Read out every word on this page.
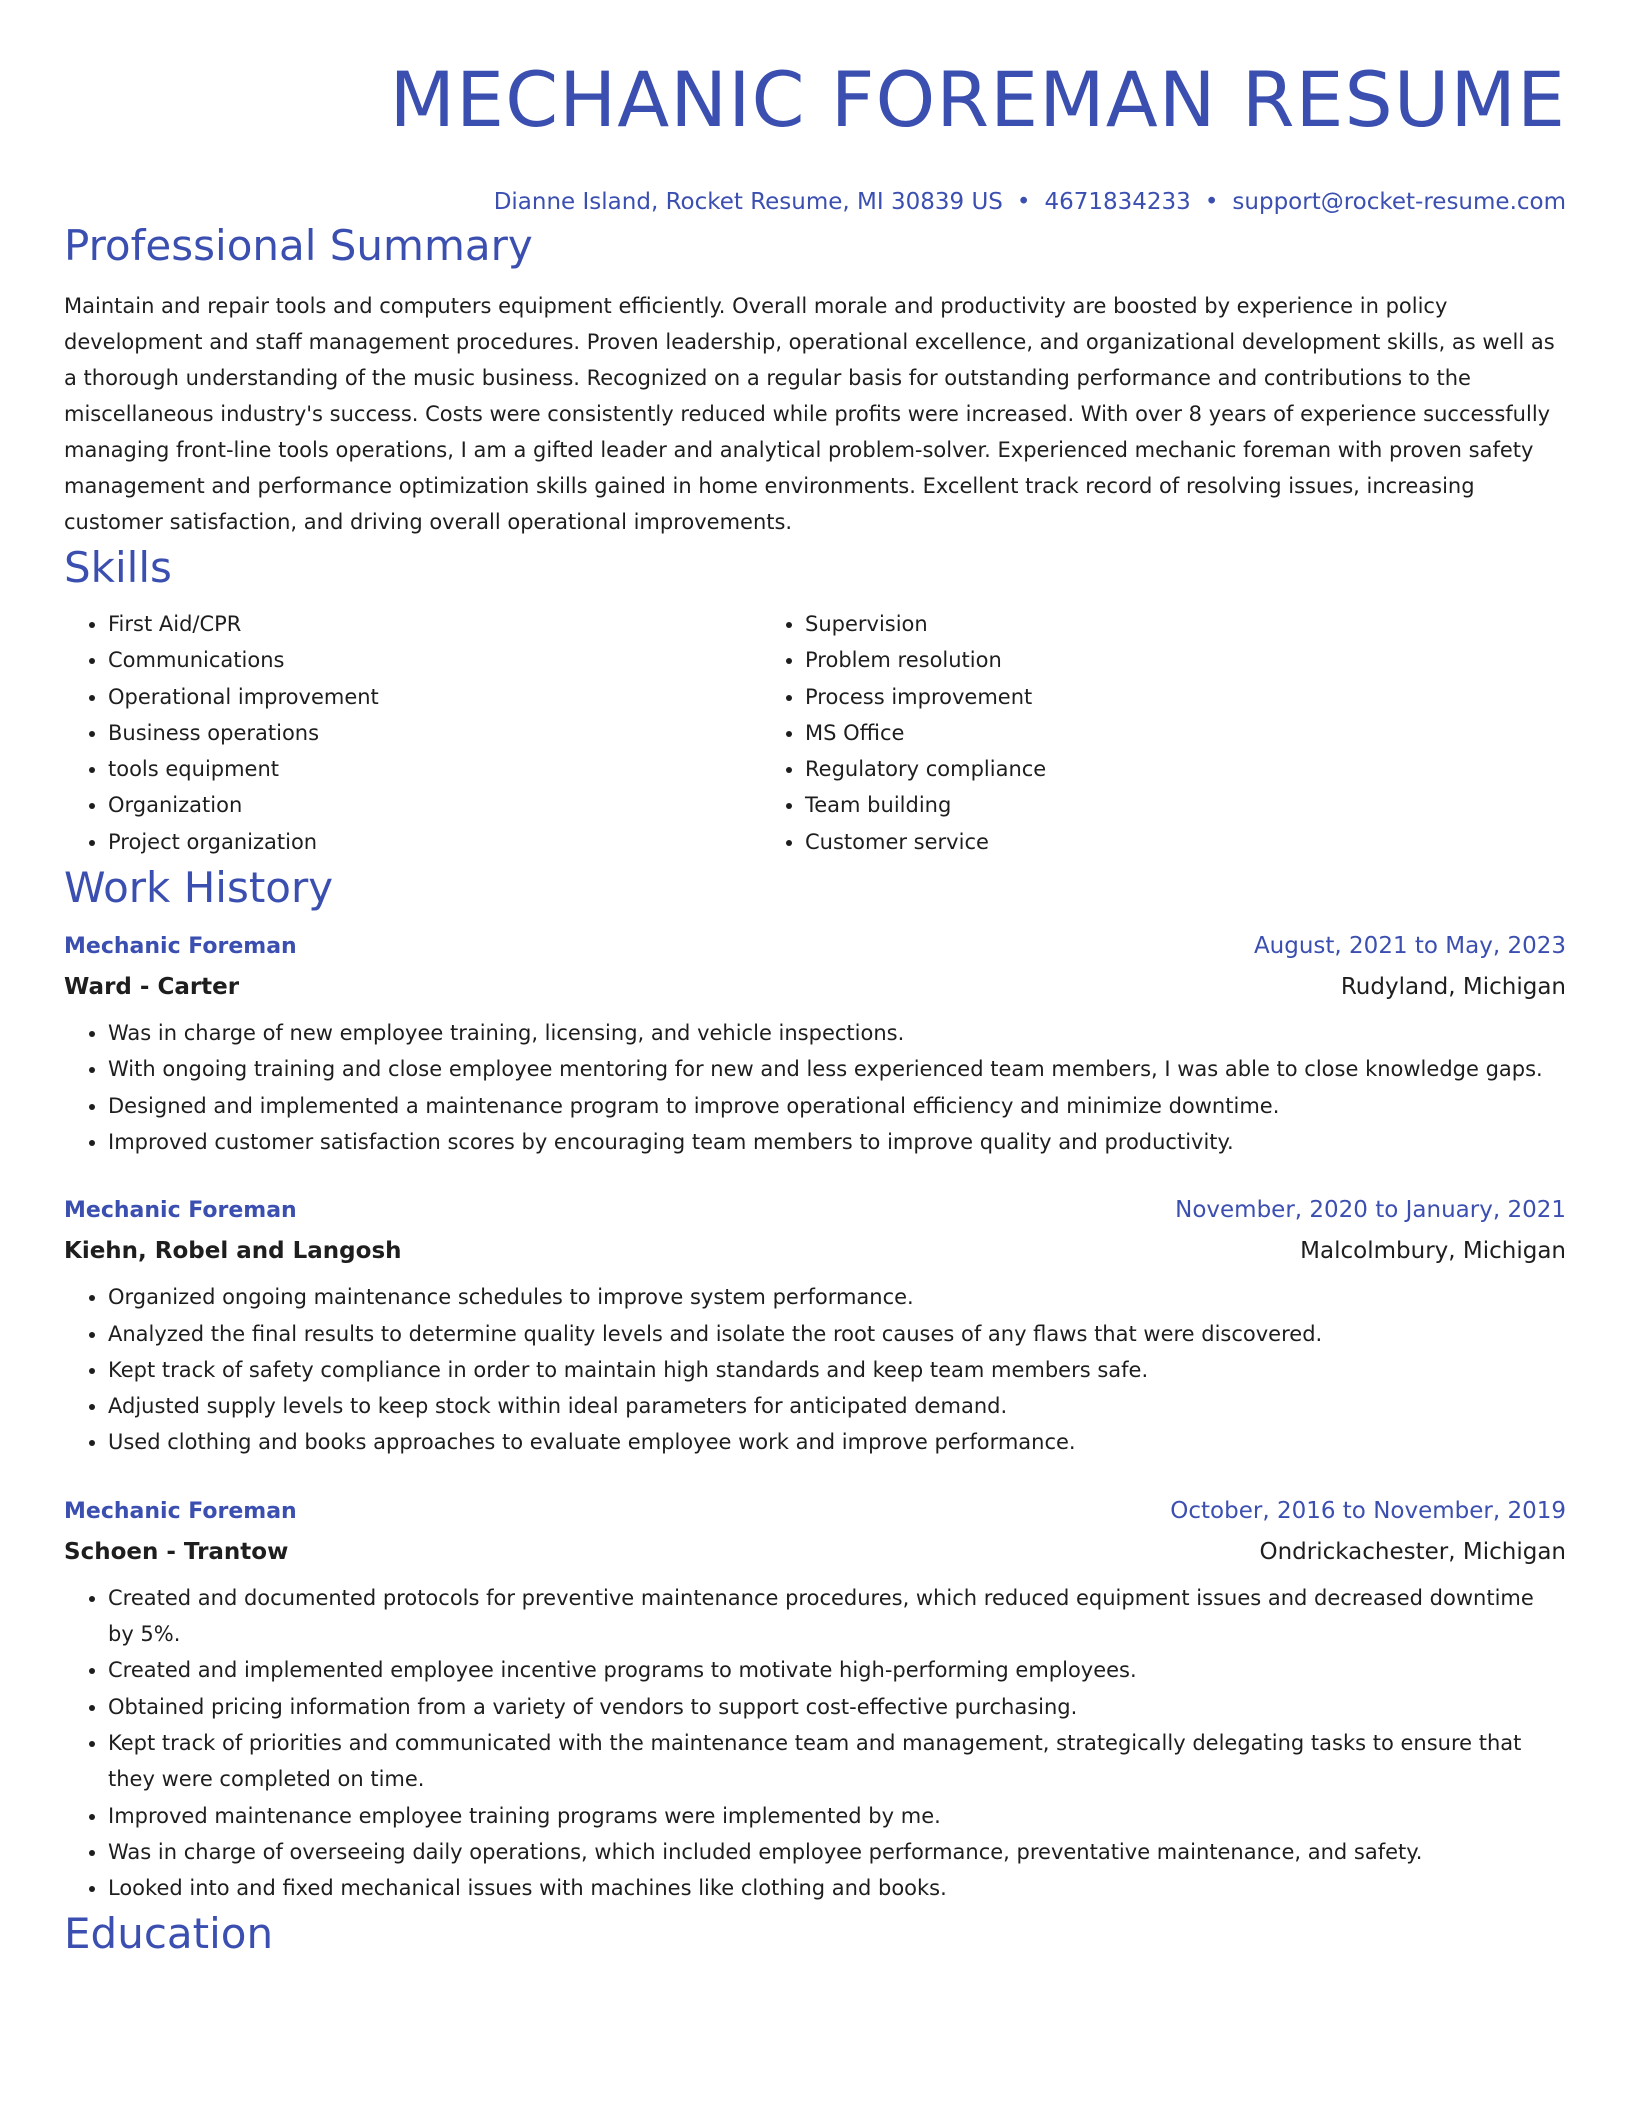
MECHANIC FOREMAN RESUME
Dianne Island, Rocket Resume, MI 30839 US • 4671834233 • support@rocket-resume.com
Professional Summary
Maintain and repair tools and computers equipment efficiently. Overall morale and productivity are boosted by experience in policy development and staff management procedures. Proven leadership, operational excellence, and organizational development skills, as well as a thorough understanding of the music business. Recognized on a regular basis for outstanding performance and contributions to the miscellaneous industry's success. Costs were consistently reduced while profits were increased. With over 8 years of experience successfully managing front-line tools operations, I am a gifted leader and analytical problem-solver. Experienced mechanic foreman with proven safety management and performance optimization skills gained in home environments. Excellent track record of resolving issues, increasing customer satisfaction, and driving overall operational improvements.
Skills
• First Aid/CPR
• Communications
• Operational improvement
• Business operations
• tools equipment
• Organization
• Project organization
• Supervision
• Problem resolution
• Process improvement
• MS Office
• Regulatory compliance
• Team building
• Customer service
Work History
Mechanic Foreman	August, 2021 to May, 2023
Ward - Carter	Rudyland, Michigan
• Was in charge of new employee training, licensing, and vehicle inspections.
• With ongoing training and close employee mentoring for new and less experienced team members, I was able to close knowledge gaps.
• Designed and implemented a maintenance program to improve operational efficiency and minimize downtime.
• Improved customer satisfaction scores by encouraging team members to improve quality and productivity.
Mechanic Foreman	November, 2020 to January, 2021
Kiehn, Robel and Langosh	Malcolmbury, Michigan
• Organized ongoing maintenance schedules to improve system performance.
• Analyzed the final results to determine quality levels and isolate the root causes of any flaws that were discovered.
• Kept track of safety compliance in order to maintain high standards and keep team members safe.
• Adjusted supply levels to keep stock within ideal parameters for anticipated demand.
• Used clothing and books approaches to evaluate employee work and improve performance.
Mechanic Foreman	October, 2016 to November, 2019
Schoen - Trantow	Ondrickachester, Michigan
• Created and documented protocols for preventive maintenance procedures, which reduced equipment issues and decreased downtime by 5%.
• Created and implemented employee incentive programs to motivate high-performing employees.
• Obtained pricing information from a variety of vendors to support cost-effective purchasing.
• Kept track of priorities and communicated with the maintenance team and management, strategically delegating tasks to ensure that they were completed on time.
• Improved maintenance employee training programs were implemented by me.
• Was in charge of overseeing daily operations, which included employee performance, preventative maintenance, and safety.
• Looked into and fixed mechanical issues with machines like clothing and books.
Education
